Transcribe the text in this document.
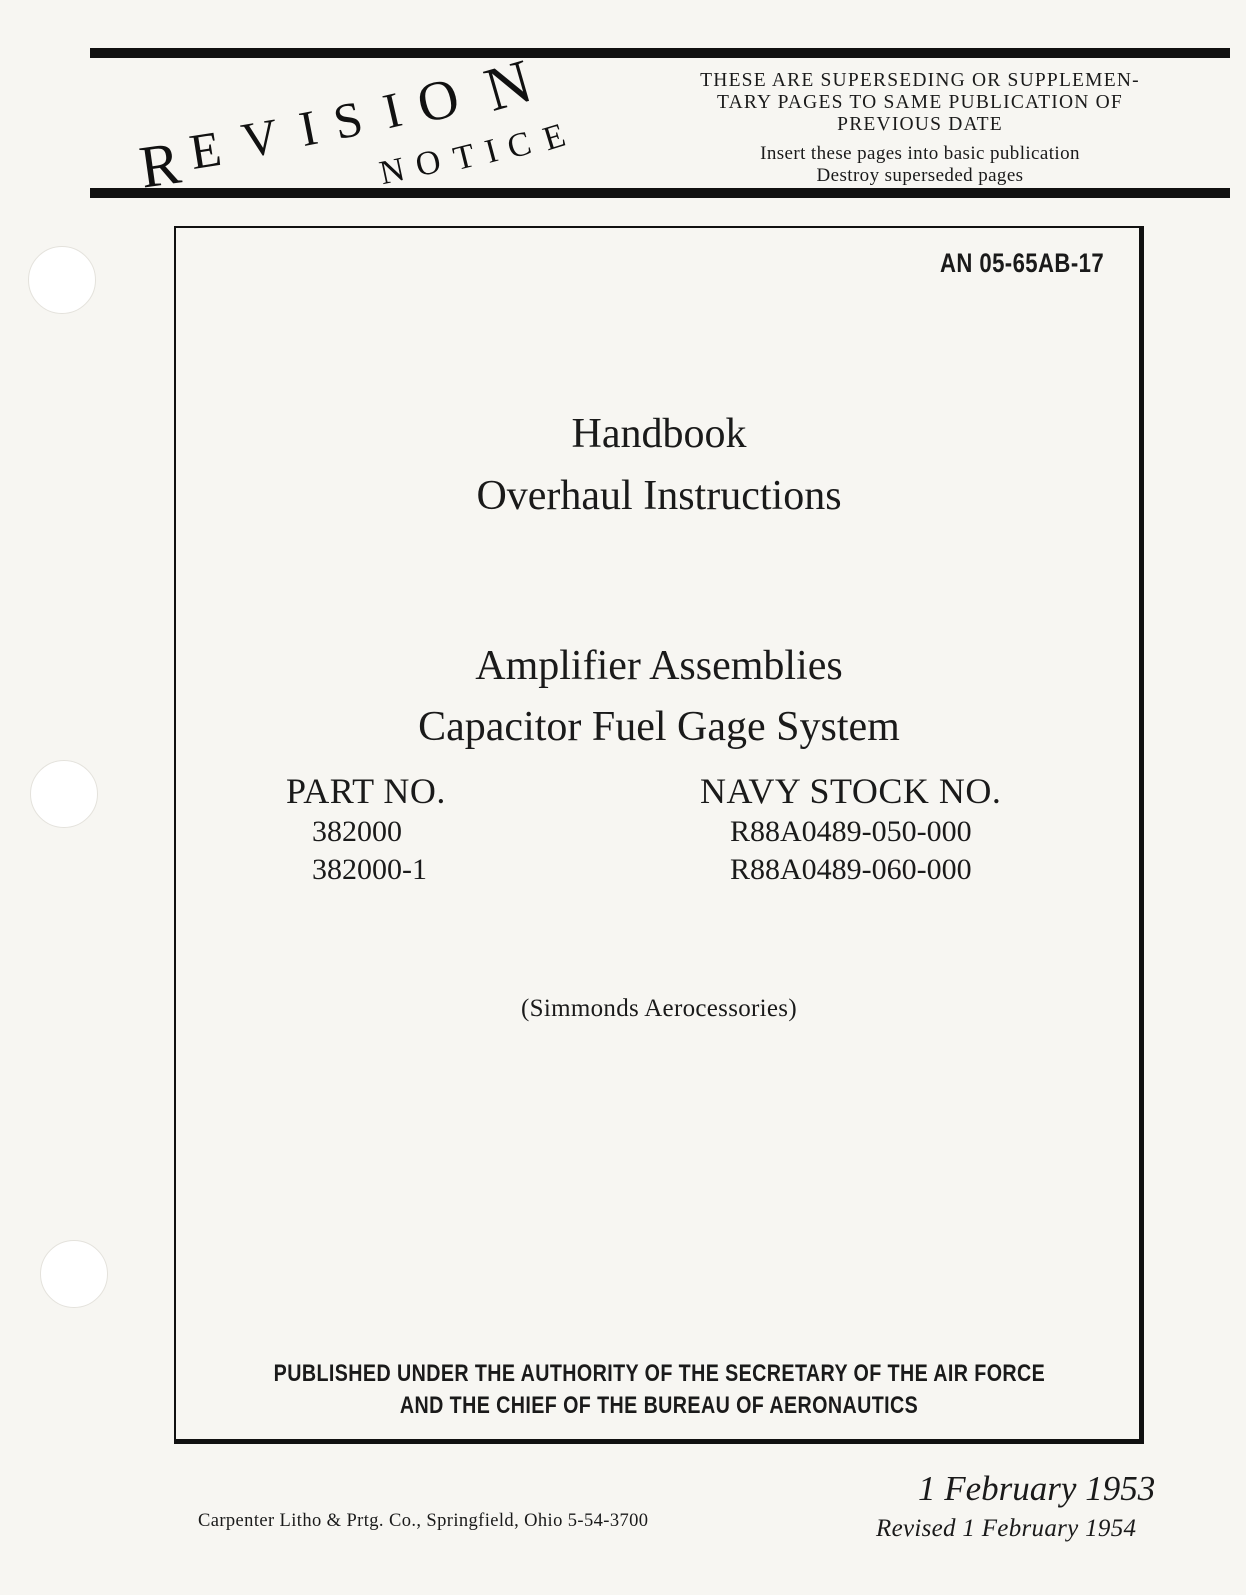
R E V I S I O N
N O T I C E
THESE ARE SUPERSEDING OR SUPPLEMEN-
TARY PAGES TO SAME PUBLICATION OF
PREVIOUS DATE
Insert these pages into basic publication
Destroy superseded pages
AN 05-65AB-17
Handbook
Overhaul Instructions
Amplifier Assemblies
Capacitor Fuel Gage System
PART NO.
382000
382000-1
NAVY STOCK NO.
R88A0489-050-000
R88A0489-060-000
(Simmonds Aerocessories)
PUBLISHED UNDER THE AUTHORITY OF THE SECRETARY OF THE AIR FORCE
AND THE CHIEF OF THE BUREAU OF AERONAUTICS
Carpenter Litho & Prtg. Co., Springfield, Ohio 5-54-3700
1 February 1953
Revised 1 February 1954
